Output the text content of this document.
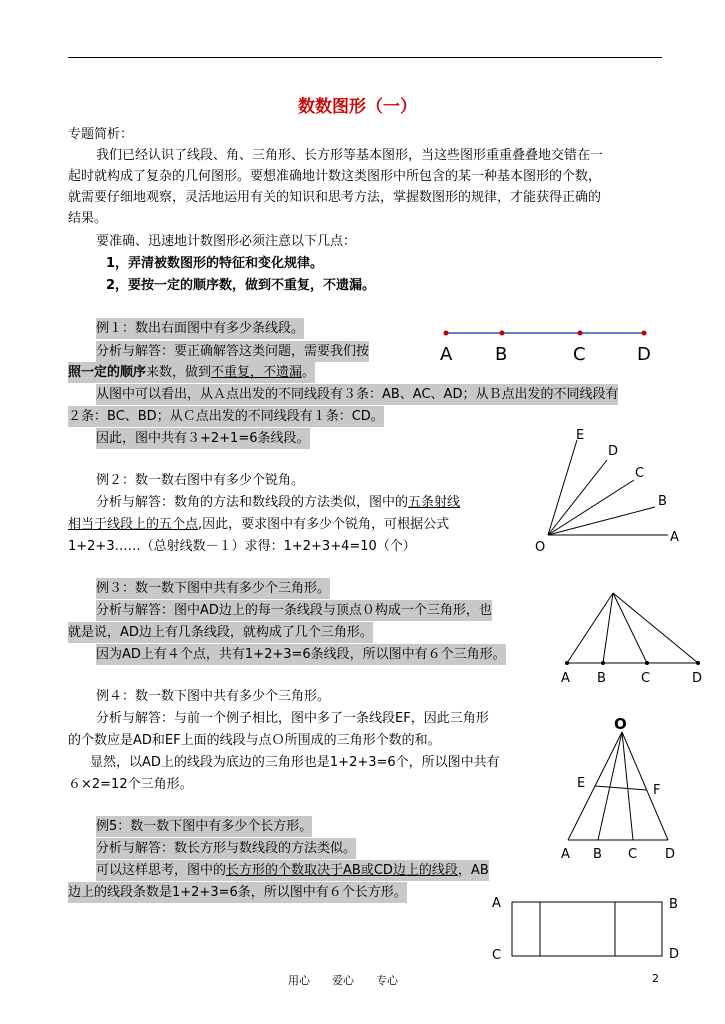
数数图形（一）
专题简析：
我们已经认识了线段、角、三角形、长方形等基本图形，当这些图形重重叠叠地交错在一
起时就构成了复杂的几何图形。要想准确地计数这类图形中所包含的某一种基本图形的个数，
就需要仔细地观察，灵活地运用有关的知识和思考方法，掌握数图形的规律，才能获得正确的
结果。
要准确、迅速地计数图形必须注意以下几点：
1，弄清被数图形的特征和变化规律。
2，要按一定的顺序数，做到不重复，不遗漏。
例１：数出右面图中有多少条线段。
分析与解答：要正确解答这类问题，需要我们按
照一定的顺序来数，做到不重复，不遗漏。
从图中可以看出，从Ａ点出发的不同线段有３条：AB、AC、AD；从Ｂ点出发的不同线段有
２条：BC、BD；从Ｃ点出发的不同线段有１条：CD。
因此，图中共有３+2+1=6条线段。
A B	C	D
例２：数一数右图中有多少个锐角。
分析与解答：数角的方法和数线段的方法类似，图中的五条射线
相当于线段上的五个点,因此，要求图中有多少个锐角，可根据公式
1+2+3……（总射线数－１）求得：1+2+3+4=10（个）
E
D
C
B
A
O
例３：数一数下图中共有多少个三角形。
分析与解答：图中AD边上的每一条线段与顶点０构成一个三角形，也
就是说，AD边上有几条线段，就构成了几个三角形。
因为AD上有４个点，共有1+2+3=6条线段，所以图中有６个三角形。
A B	C	D
例４：数一数下图中共有多少个三角形。
分析与解答：与前一个例子相比，图中多了一条线段EF，因此三角形
的个数应是AD和EF上面的线段与点Ｏ所围成的三角形个数的和。
显然，以AD上的线段为底边的三角形也是1+2+3=6个，所以图中共有
６×2=12个三角形。
O
E	F
A B C D
例5：数一数下图中有多少个长方形。
分析与解答：数长方形与数线段的方法类似。
可以这样思考，图中的长方形的个数取决于AB或CD边上的线段，AB
边上的线段条数是1+2+3=6条，所以图中有６个长方形。
A	B
C	D
用心　　爱心　　专心	2
